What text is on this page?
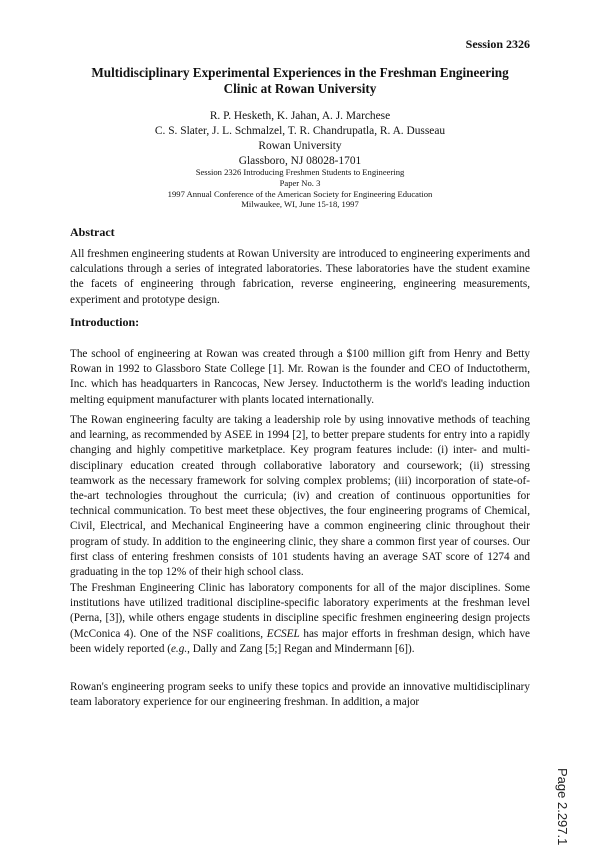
Session 2326
Multidisciplinary Experimental Experiences in the Freshman Engineering
Clinic at Rowan University
R. P. Hesketh, K. Jahan, A. J. Marchese
C. S. Slater, J. L. Schmalzel, T. R. Chandrupatla, R. A. Dusseau
Rowan University
Glassboro, NJ 08028-1701
Session 2326 Introducing Freshmen Students to Engineering
Paper No. 3
1997 Annual Conference of the American Society for Engineering Education
Milwaukee, WI, June 15-18, 1997
Abstract
All freshmen engineering students at Rowan University are introduced to engineering experiments and calculations through a series of integrated laboratories. These laboratories have the student examine the facets of engineering through fabrication, reverse engineering, engineering measurements, experiment and prototype design.
Introduction:
The school of engineering at Rowan was created through a $100 million gift from Henry and Betty Rowan in 1992 to Glassboro State College [1]. Mr. Rowan is the founder and CEO of Inductotherm, Inc. which has headquarters in Rancocas, New Jersey. Inductotherm is the world's leading induction melting equipment manufacturer with plants located internationally.
The Rowan engineering faculty are taking a leadership role by using innovative methods of teaching and learning, as recommended by ASEE in 1994 [2], to better prepare students for entry into a rapidly changing and highly competitive marketplace. Key program features include: (i) inter- and multi-disciplinary education created through collaborative laboratory and coursework; (ii) stressing teamwork as the necessary framework for solving complex problems; (iii) incorporation of state-of-the-art technologies throughout the curricula; (iv) and creation of continuous opportunities for technical communication. To best meet these objectives, the four engineering programs of Chemical, Civil, Electrical, and Mechanical Engineering have a common engineering clinic throughout their program of study. In addition to the engineering clinic, they share a common first year of courses. Our first class of entering freshmen consists of 101 students having an average SAT score of 1274 and graduating in the top 12% of their high school class.
The Freshman Engineering Clinic has laboratory components for all of the major disciplines. Some institutions have utilized traditional discipline-specific laboratory experiments at the freshman level (Perna, [3]), while others engage students in discipline specific freshmen engineering design projects (McConica 4). One of the NSF coalitions, ECSEL has major efforts in freshman design, which have been widely reported (e.g., Dally and Zang [5;] Regan and Mindermann [6]).
Rowan's engineering program seeks to unify these topics and provide an innovative multidisciplinary team laboratory experience for our engineering freshman. In addition, a major
Page 2.297.1
